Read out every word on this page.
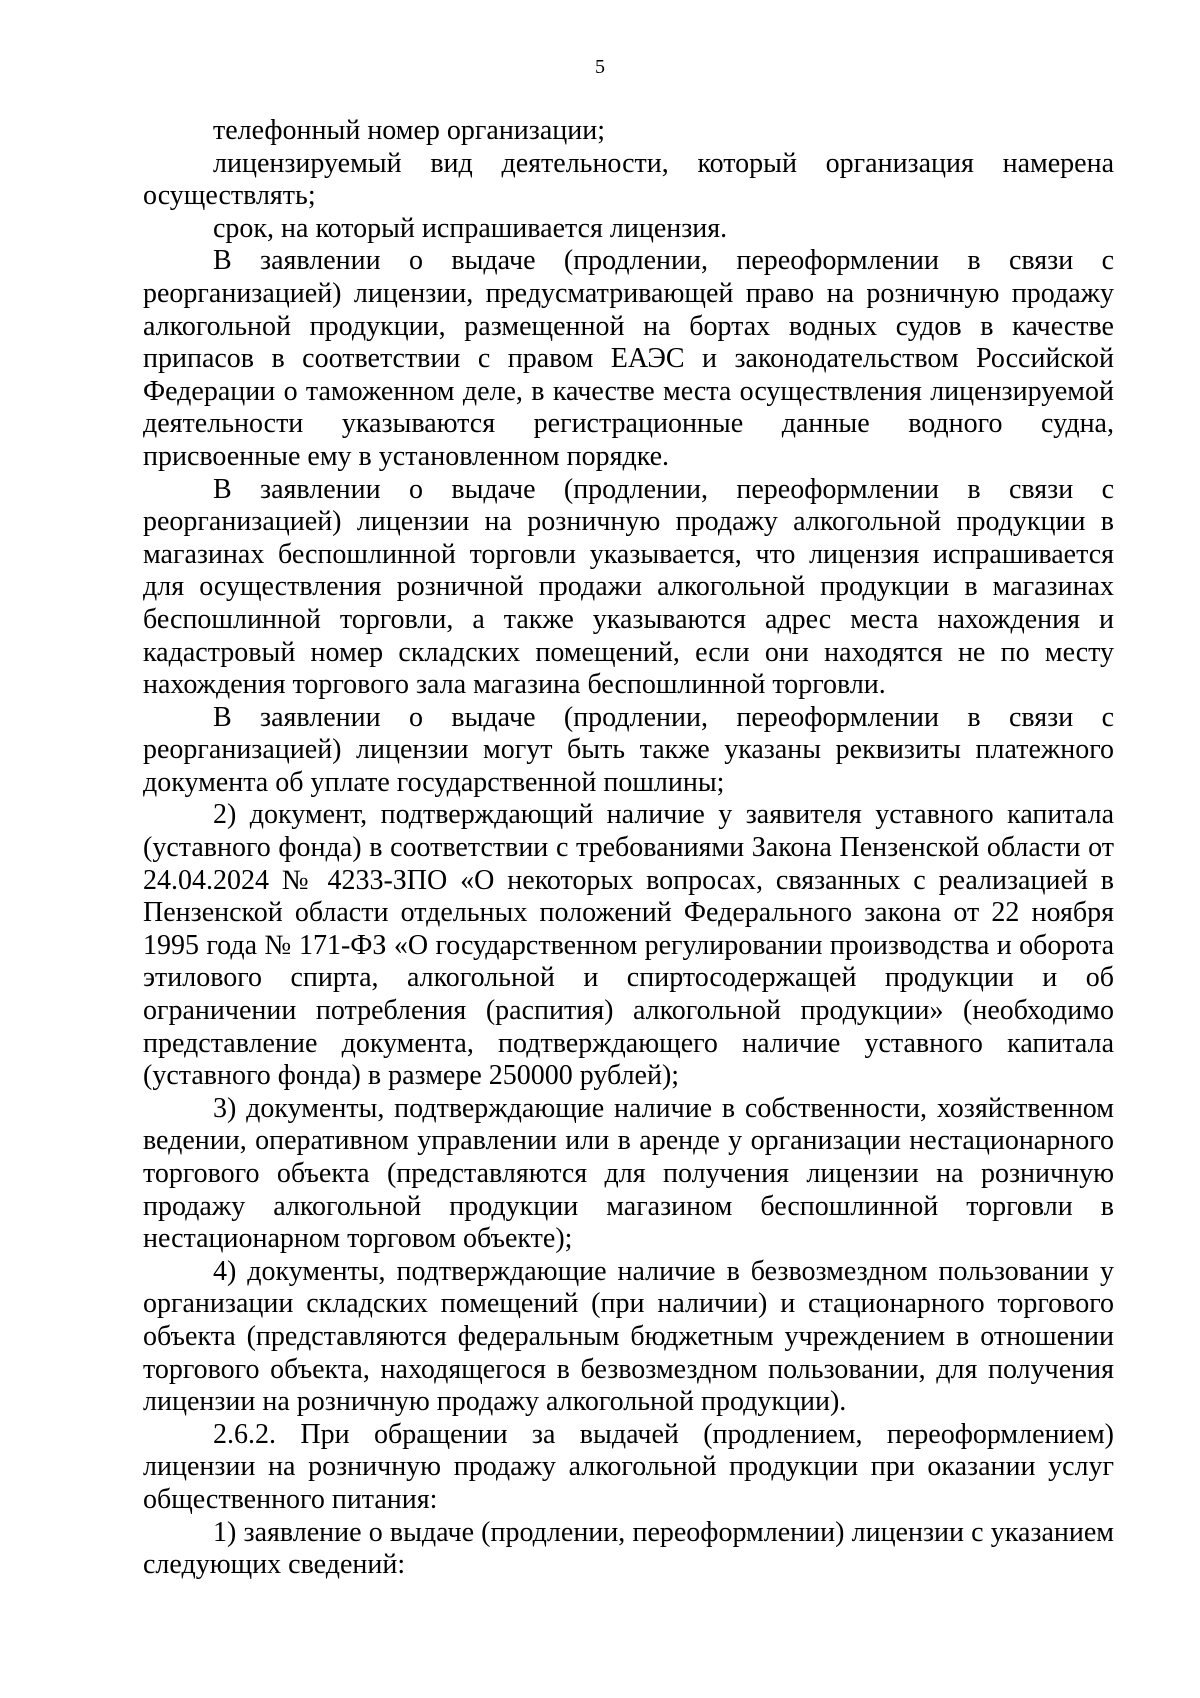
5

телефонный номер организации;

лицензируемый вид деятельности, который организация намерена осуществлять;

срок, на который испрашивается лицензия.

В заявлении о выдаче (продлении, переоформлении в связи с реорганизацией) лицензии, предусматривающей право на розничную продажу алкогольной продукции, размещенной на бортах водных судов в качестве припасов в соответствии с правом ЕАЭС и законодательством Российской Федерации о таможенном деле, в качестве места осуществления лицензируемой деятельности указываются регистрационные данные водного судна, присвоенные ему в установленном порядке.

В заявлении о выдаче (продлении, переоформлении в связи с реорганизацией) лицензии на розничную продажу алкогольной продукции в магазинах беспошлинной торговли указывается, что лицензия испрашивается для осуществления розничной продажи алкогольной продукции в магазинах беспошлинной торговли, а также указываются адрес места нахождения и кадастровый номер складских помещений, если они находятся не по месту нахождения торгового зала магазина беспошлинной торговли.

В заявлении о выдаче (продлении, переоформлении в связи с реорганизацией) лицензии могут быть также указаны реквизиты платежного документа об уплате государственной пошлины;

2) документ, подтверждающий наличие у заявителя уставного капитала (уставного фонда) в соответствии с требованиями Закона Пензенской области от 24.04.2024 № 4233-ЗПО «О некоторых вопросах, связанных с реализацией в Пензенской области отдельных положений Федерального закона от 22 ноября 1995 года № 171-ФЗ «О государственном регулировании производства и оборота этилового спирта, алкогольной и спиртосодержащей продукции и об ограничении потребления (распития) алкогольной продукции» (необходимо представление документа, подтверждающего наличие уставного капитала (уставного фонда) в размере 250000 рублей);

3) документы, подтверждающие наличие в собственности, хозяйственном ведении, оперативном управлении или в аренде у организации нестационарного торгового объекта (представляются для получения лицензии на розничную продажу алкогольной продукции магазином беспошлинной торговли в нестационарном торговом объекте);

4) документы, подтверждающие наличие в безвозмездном пользовании у организации складских помещений (при наличии) и стационарного торгового объекта (представляются федеральным бюджетным учреждением в отношении торгового объекта, находящегося в безвозмездном пользовании, для получения лицензии на розничную продажу алкогольной продукции).

2.6.2. При обращении за выдачей (продлением, переоформлением) лицензии на розничную продажу алкогольной продукции при оказании услуг общественного питания:

1) заявление о выдаче (продлении, переоформлении) лицензии с указанием следующих сведений:
